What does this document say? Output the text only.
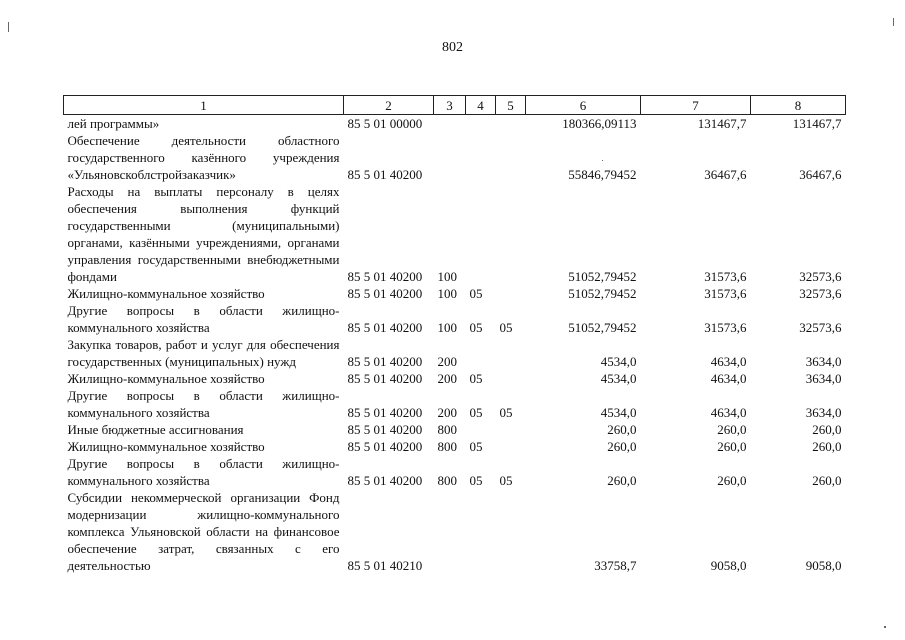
802
1	2	3	4	5	6	7	8
лей программы»	85 5 01 00000				180366,09113	131467,7	131467,7
Обеспечение деятельности областного государственного казённого учреждения «Ульяновскоблстройзаказчик»	85 5 01 40200				55846,79452	36467,6	36467,6
Расходы на выплаты персоналу в целях обеспечения выполнения функций государственными (муниципальными) органами, казёнными учреждениями, органами управления государственными внебюджетными фондами	85 5 01 40200	100			51052,79452	31573,6	32573,6
Жилищно-коммунальное хозяйство	85 5 01 40200	100	05		51052,79452	31573,6	32573,6
Другие вопросы в области жилищно-коммунального хозяйства	85 5 01 40200	100	05	05	51052,79452	31573,6	32573,6
Закупка товаров, работ и услуг для обеспечения государственных (муниципальных) нужд	85 5 01 40200	200			4534,0	4634,0	3634,0
Жилищно-коммунальное хозяйство	85 5 01 40200	200	05		4534,0	4634,0	3634,0
Другие вопросы в области жилищно-коммунального хозяйства	85 5 01 40200	200	05	05	4534,0	4634,0	3634,0
Иные бюджетные ассигнования	85 5 01 40200	800			260,0	260,0	260,0
Жилищно-коммунальное хозяйство	85 5 01 40200	800	05		260,0	260,0	260,0
Другие вопросы в области жилищно-коммунального хозяйства	85 5 01 40200	800	05	05	260,0	260,0	260,0
Субсидии некоммерческой организации Фонд модернизации жилищно-коммунального комплекса Ульяновской области на финансовое обеспечение затрат, связанных с его деятельностью	85 5 01 40210				33758,7	9058,0	9058,0
